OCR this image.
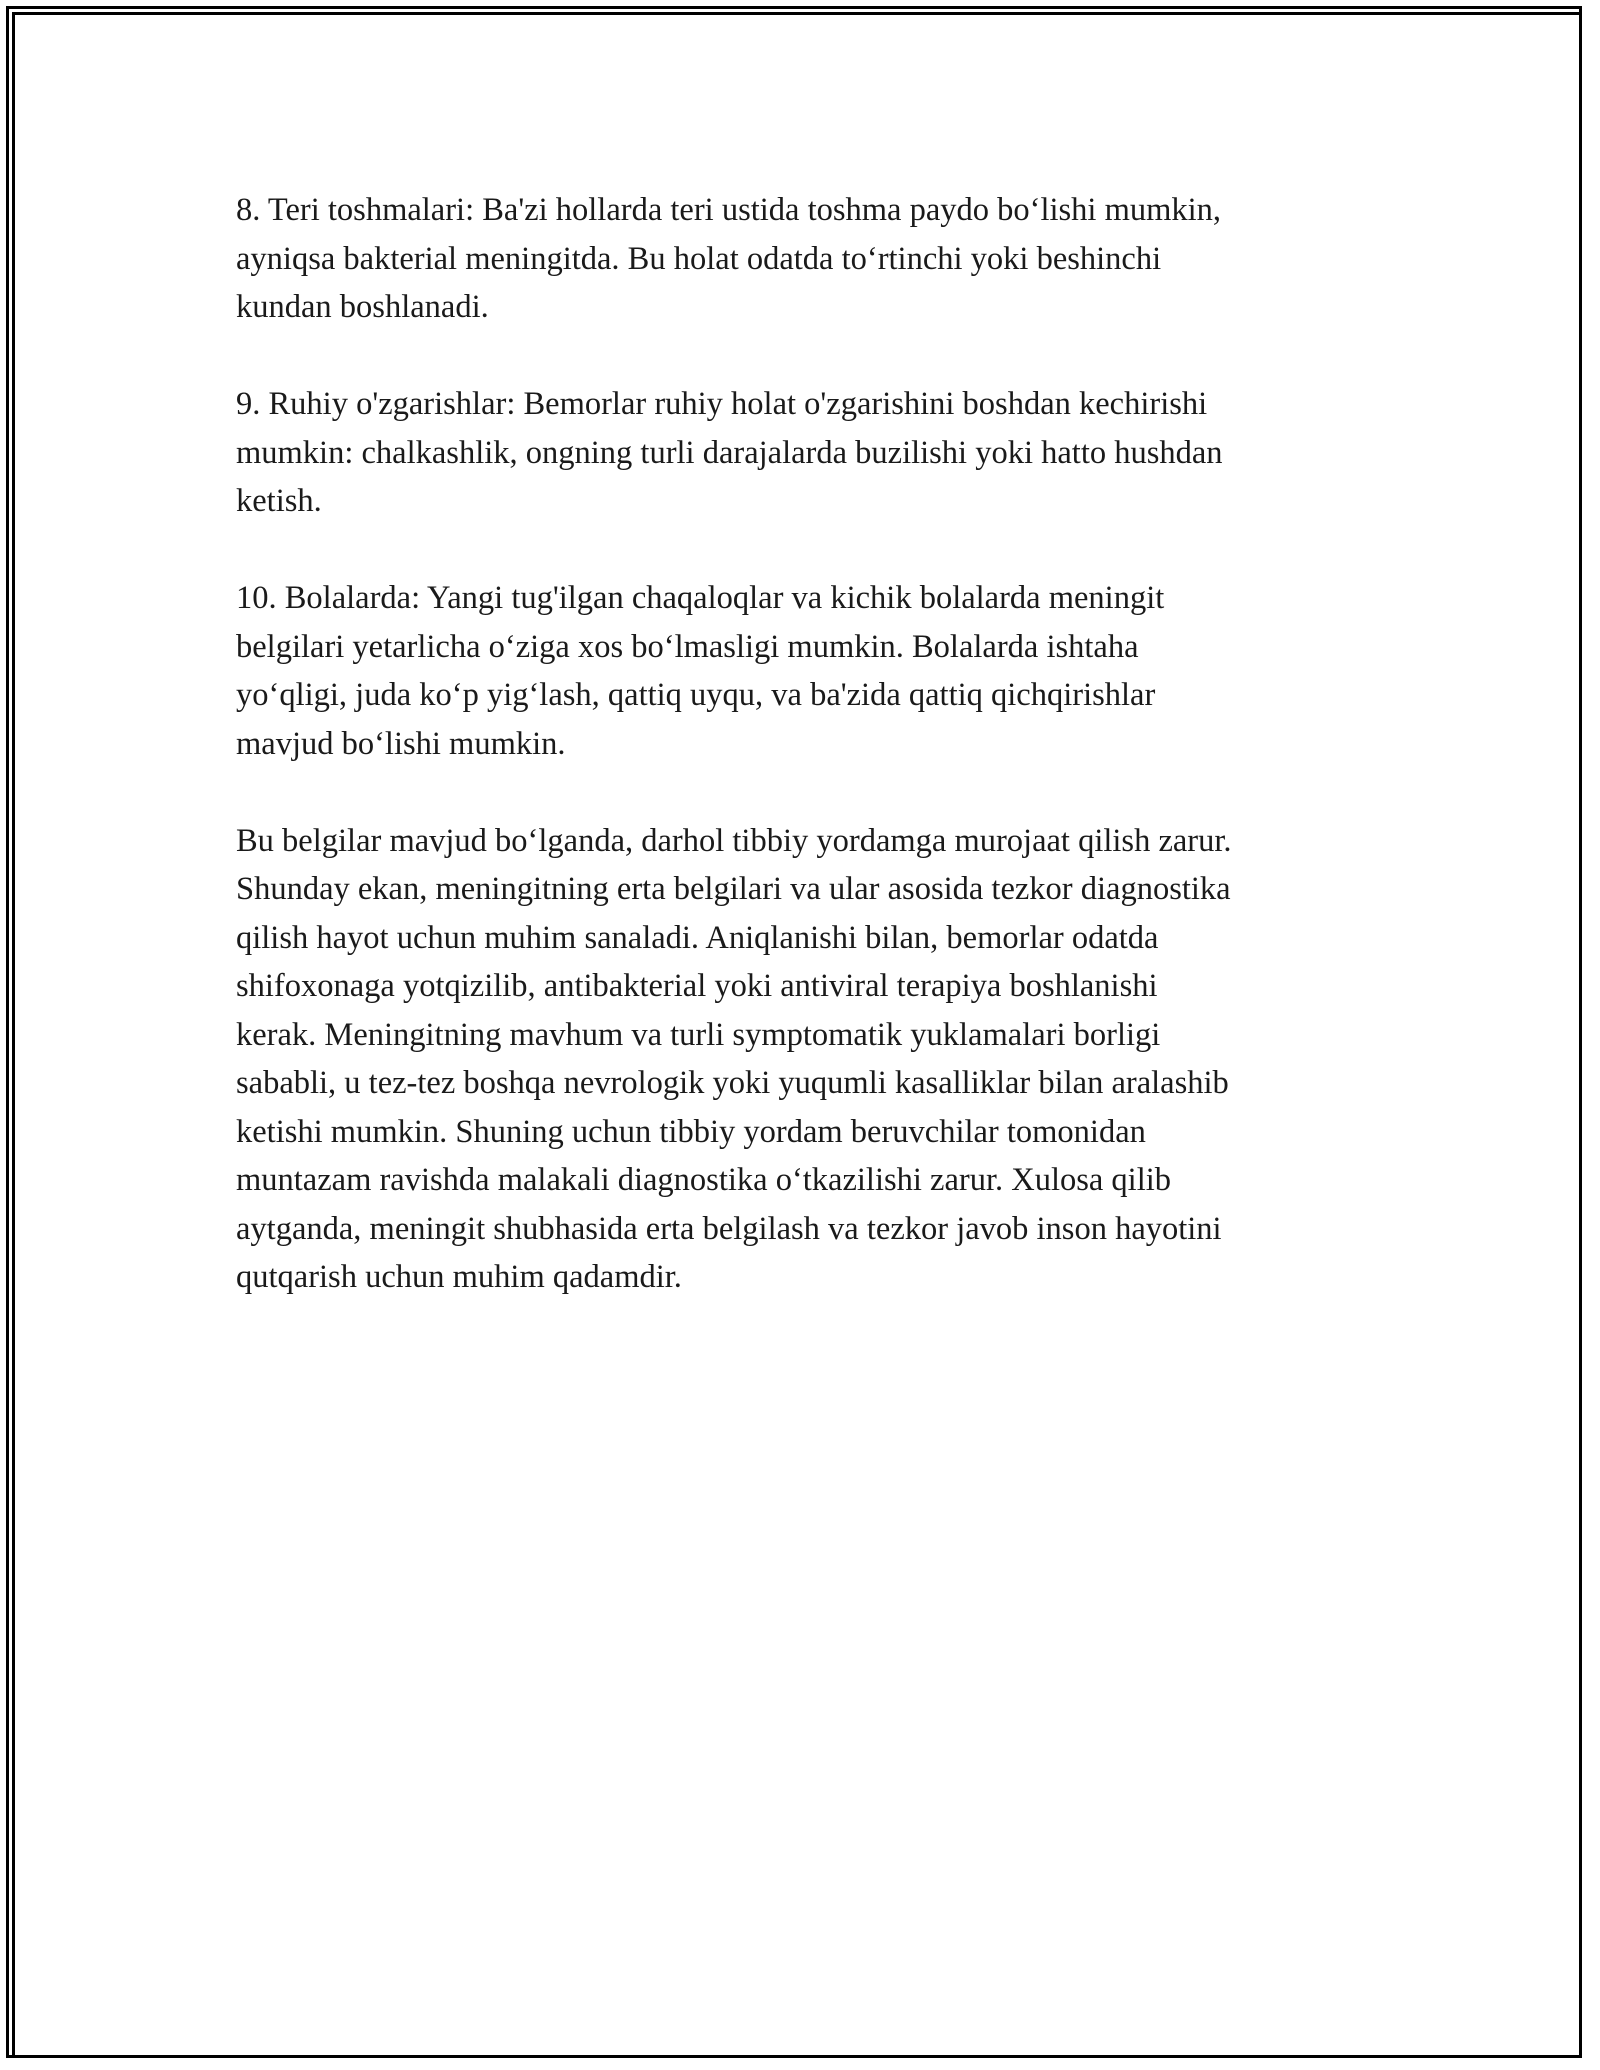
8. Teri toshmalari: Ba'zi hollarda teri ustida toshma paydo bo‘lishi mumkin,
ayniqsa bakterial meningitda. Bu holat odatda to‘rtinchi yoki beshinchi
kundan boshlanadi.

9. Ruhiy o'zgarishlar: Bemorlar ruhiy holat o'zgarishini boshdan kechirishi
mumkin: chalkashlik, ongning turli darajalarda buzilishi yoki hatto hushdan
ketish.

10. Bolalarda: Yangi tug'ilgan chaqaloqlar va kichik bolalarda meningit
belgilari yetarlicha o‘ziga xos bo‘lmasligi mumkin. Bolalarda ishtaha
yo‘qligi, juda ko‘p yig‘lash, qattiq uyqu, va ba'zida qattiq qichqirishlar
mavjud bo‘lishi mumkin.

Bu belgilar mavjud bo‘lganda, darhol tibbiy yordamga murojaat qilish zarur.
Shunday ekan, meningitning erta belgilari va ular asosida tezkor diagnostika
qilish hayot uchun muhim sanaladi. Aniqlanishi bilan, bemorlar odatda
shifoxonaga yotqizilib, antibakterial yoki antiviral terapiya boshlanishi
kerak. Meningitning mavhum va turli symptomatik yuklamalari borligi
sababli, u tez-tez boshqa nevrologik yoki yuqumli kasalliklar bilan aralashib
ketishi mumkin. Shuning uchun tibbiy yordam beruvchilar tomonidan
muntazam ravishda malakali diagnostika o‘tkazilishi zarur. Xulosa qilib
aytganda, meningit shubhasida erta belgilash va tezkor javob inson hayotini
qutqarish uchun muhim qadamdir.
